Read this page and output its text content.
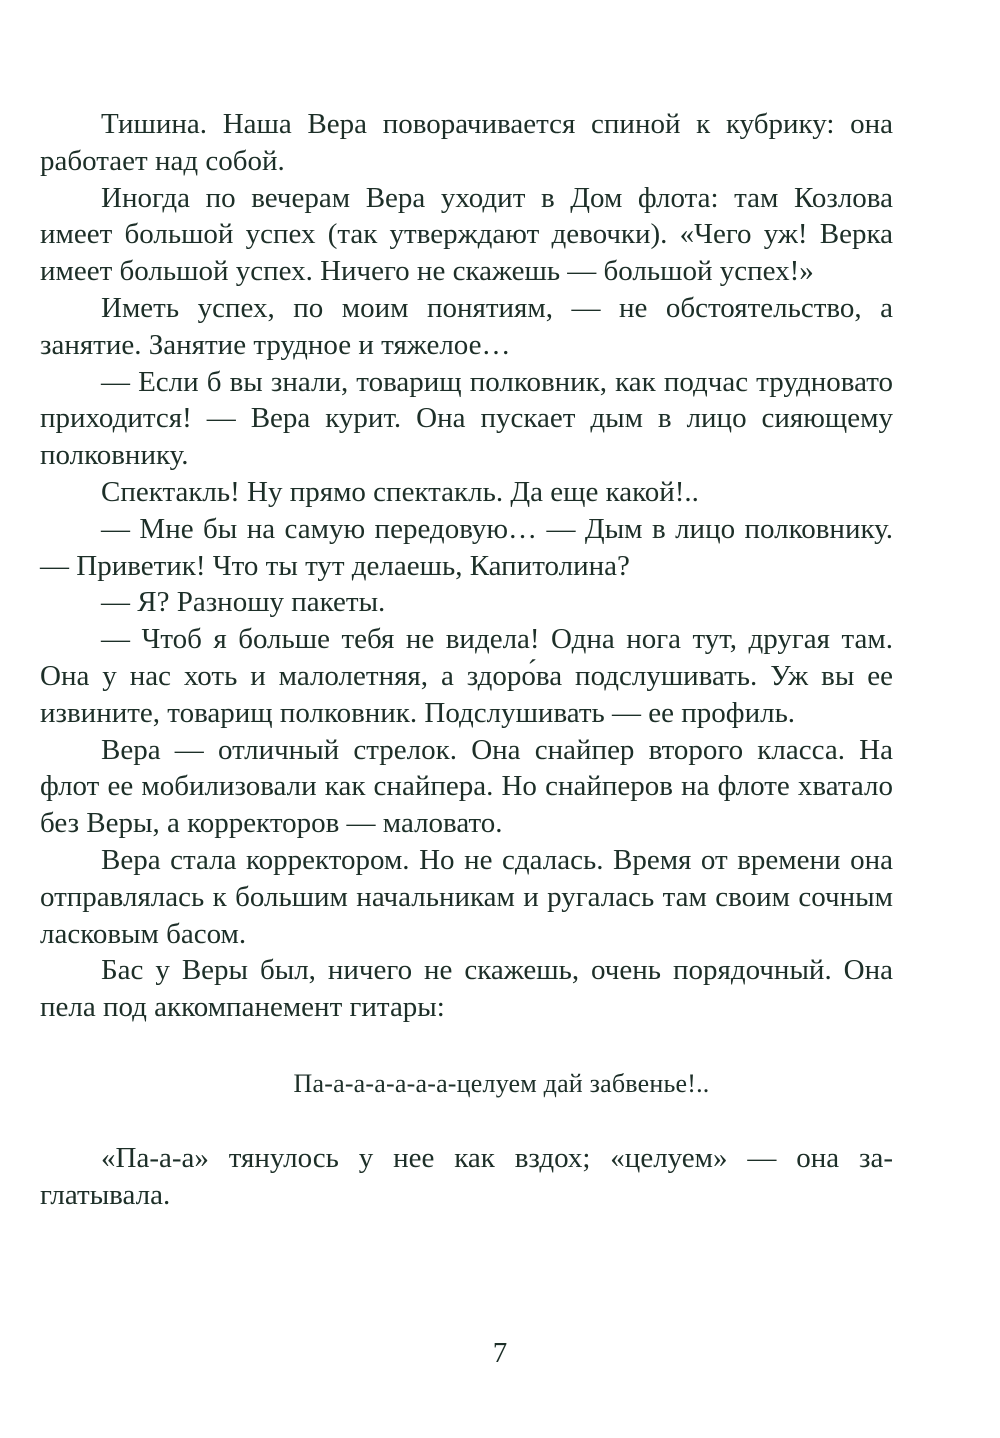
Тишина. Наша Вера поворачивается спиной к кубрику: она работает над собой.

Иногда по вечерам Вера уходит в Дом флота: там Козлова имеет большой успех (так утверждают девочки). «Чего уж! Верка имеет большой успех. Ничего не скажешь — большой успех!»

Иметь успех, по моим понятиям, — не обстоятельство, а занятие. Занятие трудное и тяжелое…

— Если б вы знали, товарищ полковник, как подчас трудновато приходится! — Вера курит. Она пускает дым в лицо сияющему полковнику.

Спектакль! Ну прямо спектакль. Да еще какой!..

— Мне бы на самую передовую… — Дым в лицо полковнику. — Приветик! Что ты тут делаешь, Капитолина?

— Я? Разношу пакеты.

— Чтоб я больше тебя не видела! Одна нога тут, другая там. Она у нас хоть и малолетняя, а здоро́ва подслушивать. Уж вы ее извините, товарищ полковник. Подслушивать — ее профиль.

Вера — отличный стрелок. Она снайпер второго класса. На флот ее мобилизовали как снайпера. Но снайперов на флоте хватало без Веры, а корректоров — маловато.

Вера стала корректором. Но не сдалась. Время от времени она отправлялась к большим начальникам и ругалась там своим сочным ласковым басом.

Бас у Веры был, ничего не скажешь, очень порядочный. Она пела под аккомпанемент гитары:

Па-а-а-а-а-а-а-целуем дай забвенье!..

«Па-а-а» тянулось у нее как вздох; «целуем» — она заглатывала.

7
